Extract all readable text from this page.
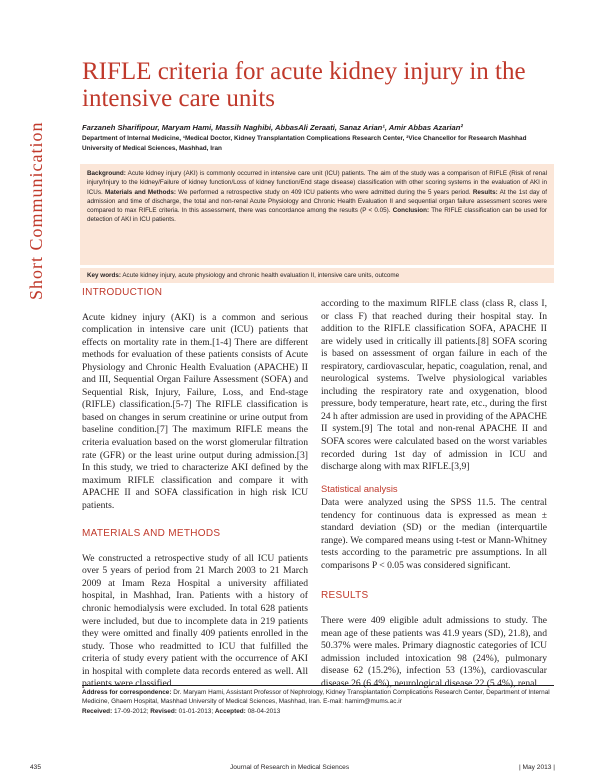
Short Communication
RIFLE criteria for acute kidney injury in the intensive care units
Farzaneh Sharifipour, Maryam Hami, Massih Naghibi, AbbasAli Zeraati, Sanaz Arian¹, Amir Abbas Azarian²
Department of Internal Medicine, ¹Medical Doctor, Kidney Transplantation Complications Research Center, ²Vice Chancellor for Research Mashhad University of Medical Sciences, Mashhad, Iran
Background: Acute kidney injury (AKI) is commonly occurred in intensive care unit (ICU) patients. The aim of the study was a comparison of RIFLE (Risk of renal injury/Injury to the kidney/Failure of kidney function/Loss of kidney function/End stage disease) classification with other scoring systems in the evaluation of AKI in ICUs. Materials and Methods: We performed a retrospective study on 409 ICU patients who were admitted during the 5 years period. Results: At the 1st day of admission and time of discharge, the total and non-renal Acute Physiology and Chronic Health Evaluation II and sequential organ failure assessment scores were compared to max RIFLE criteria. In this assessment, there was concordance among the results (P < 0.05). Conclusion: The RIFLE classification can be used for detection of AKI in ICU patients.
Key words: Acute kidney injury, acute physiology and chronic health evaluation II, intensive care units, outcome
INTRODUCTION

Acute kidney injury (AKI) is a common and serious complication in intensive care unit (ICU) patients that effects on mortality rate in them.[1-4] There are different methods for evaluation of these patients consists of Acute Physiology and Chronic Health Evaluation (APACHE) II and III, Sequential Organ Failure Assessment (SOFA) and Sequential Risk, Injury, Failure, Loss, and End-stage (RIFLE) classification.[5-7] The RIFLE classification is based on changes in serum creatinine or urine output from baseline condition.[7] The maximum RIFLE means the criteria evaluation based on the worst glomerular filtration rate (GFR) or the least urine output during admission.[3] In this study, we tried to characterize AKI defined by the maximum RIFLE classification and compare it with APACHE II and SOFA classification in high risk ICU patients.

MATERIALS AND METHODS

We constructed a retrospective study of all ICU patients over 5 years of period from 21 March 2003 to 21 March 2009 at Imam Reza Hospital a university affiliated hospital, in Mashhad, Iran. Patients with a history of chronic hemodialysis were excluded. In total 628 patients were included, but due to incomplete data in 219 patients they were omitted and finally 409 patients enrolled in the study. Those who readmitted to ICU that fulfilled the criteria of study every patient with the occurrence of AKI in hospital with complete data records entered as well. All patients were classified

according to the maximum RIFLE class (class R, class I, or class F) that reached during their hospital stay. In addition to the RIFLE classification SOFA, APACHE II are widely used in critically ill patients.[8] SOFA scoring is based on assessment of organ failure in each of the respiratory, cardiovascular, hepatic, coagulation, renal, and neurological systems. Twelve physiological variables including the respiratory rate and oxygenation, blood pressure, body temperature, heart rate, etc., during the first 24 h after admission are used in providing of the APACHE II system.[9] The total and non-renal APACHE II and SOFA scores were calculated based on the worst variables recorded during 1st day of admission in ICU and discharge along with max RIFLE.[3,9]

Statistical analysis

Data were analyzed using the SPSS 11.5. The central tendency for continuous data is expressed as mean ± standard deviation (SD) or the median (interquartile range). We compared means using t-test or Mann-Whitney tests according to the parametric pre assumptions. In all comparisons P < 0.05 was considered significant.

RESULTS

There were 409 eligible adult admissions to study. The mean age of these patients was 41.9 years (SD), 21.8), and 50.37% were males. Primary diagnostic categories of ICU admission included intoxication 98 (24%), pulmonary disease 62 (15.2%), infection 53 (13%), cardiovascular disease 26 (6.4%), neurological disease 22 (5.4%), renal

Address for correspondence: Dr. Maryam Hami, Assistant Professor of Nephrology, Kidney Transplantation Complications Research Center, Department of Internal Medicine, Ghaem Hospital, Mashhad University of Medical Sciences, Mashhad, Iran. E-mail: hamim@mums.ac.ir
Received: 17-09-2012; Revised: 01-01-2013; Accepted: 08-04-2013
435	Journal of Research in Medical Sciences	| May 2013 |
